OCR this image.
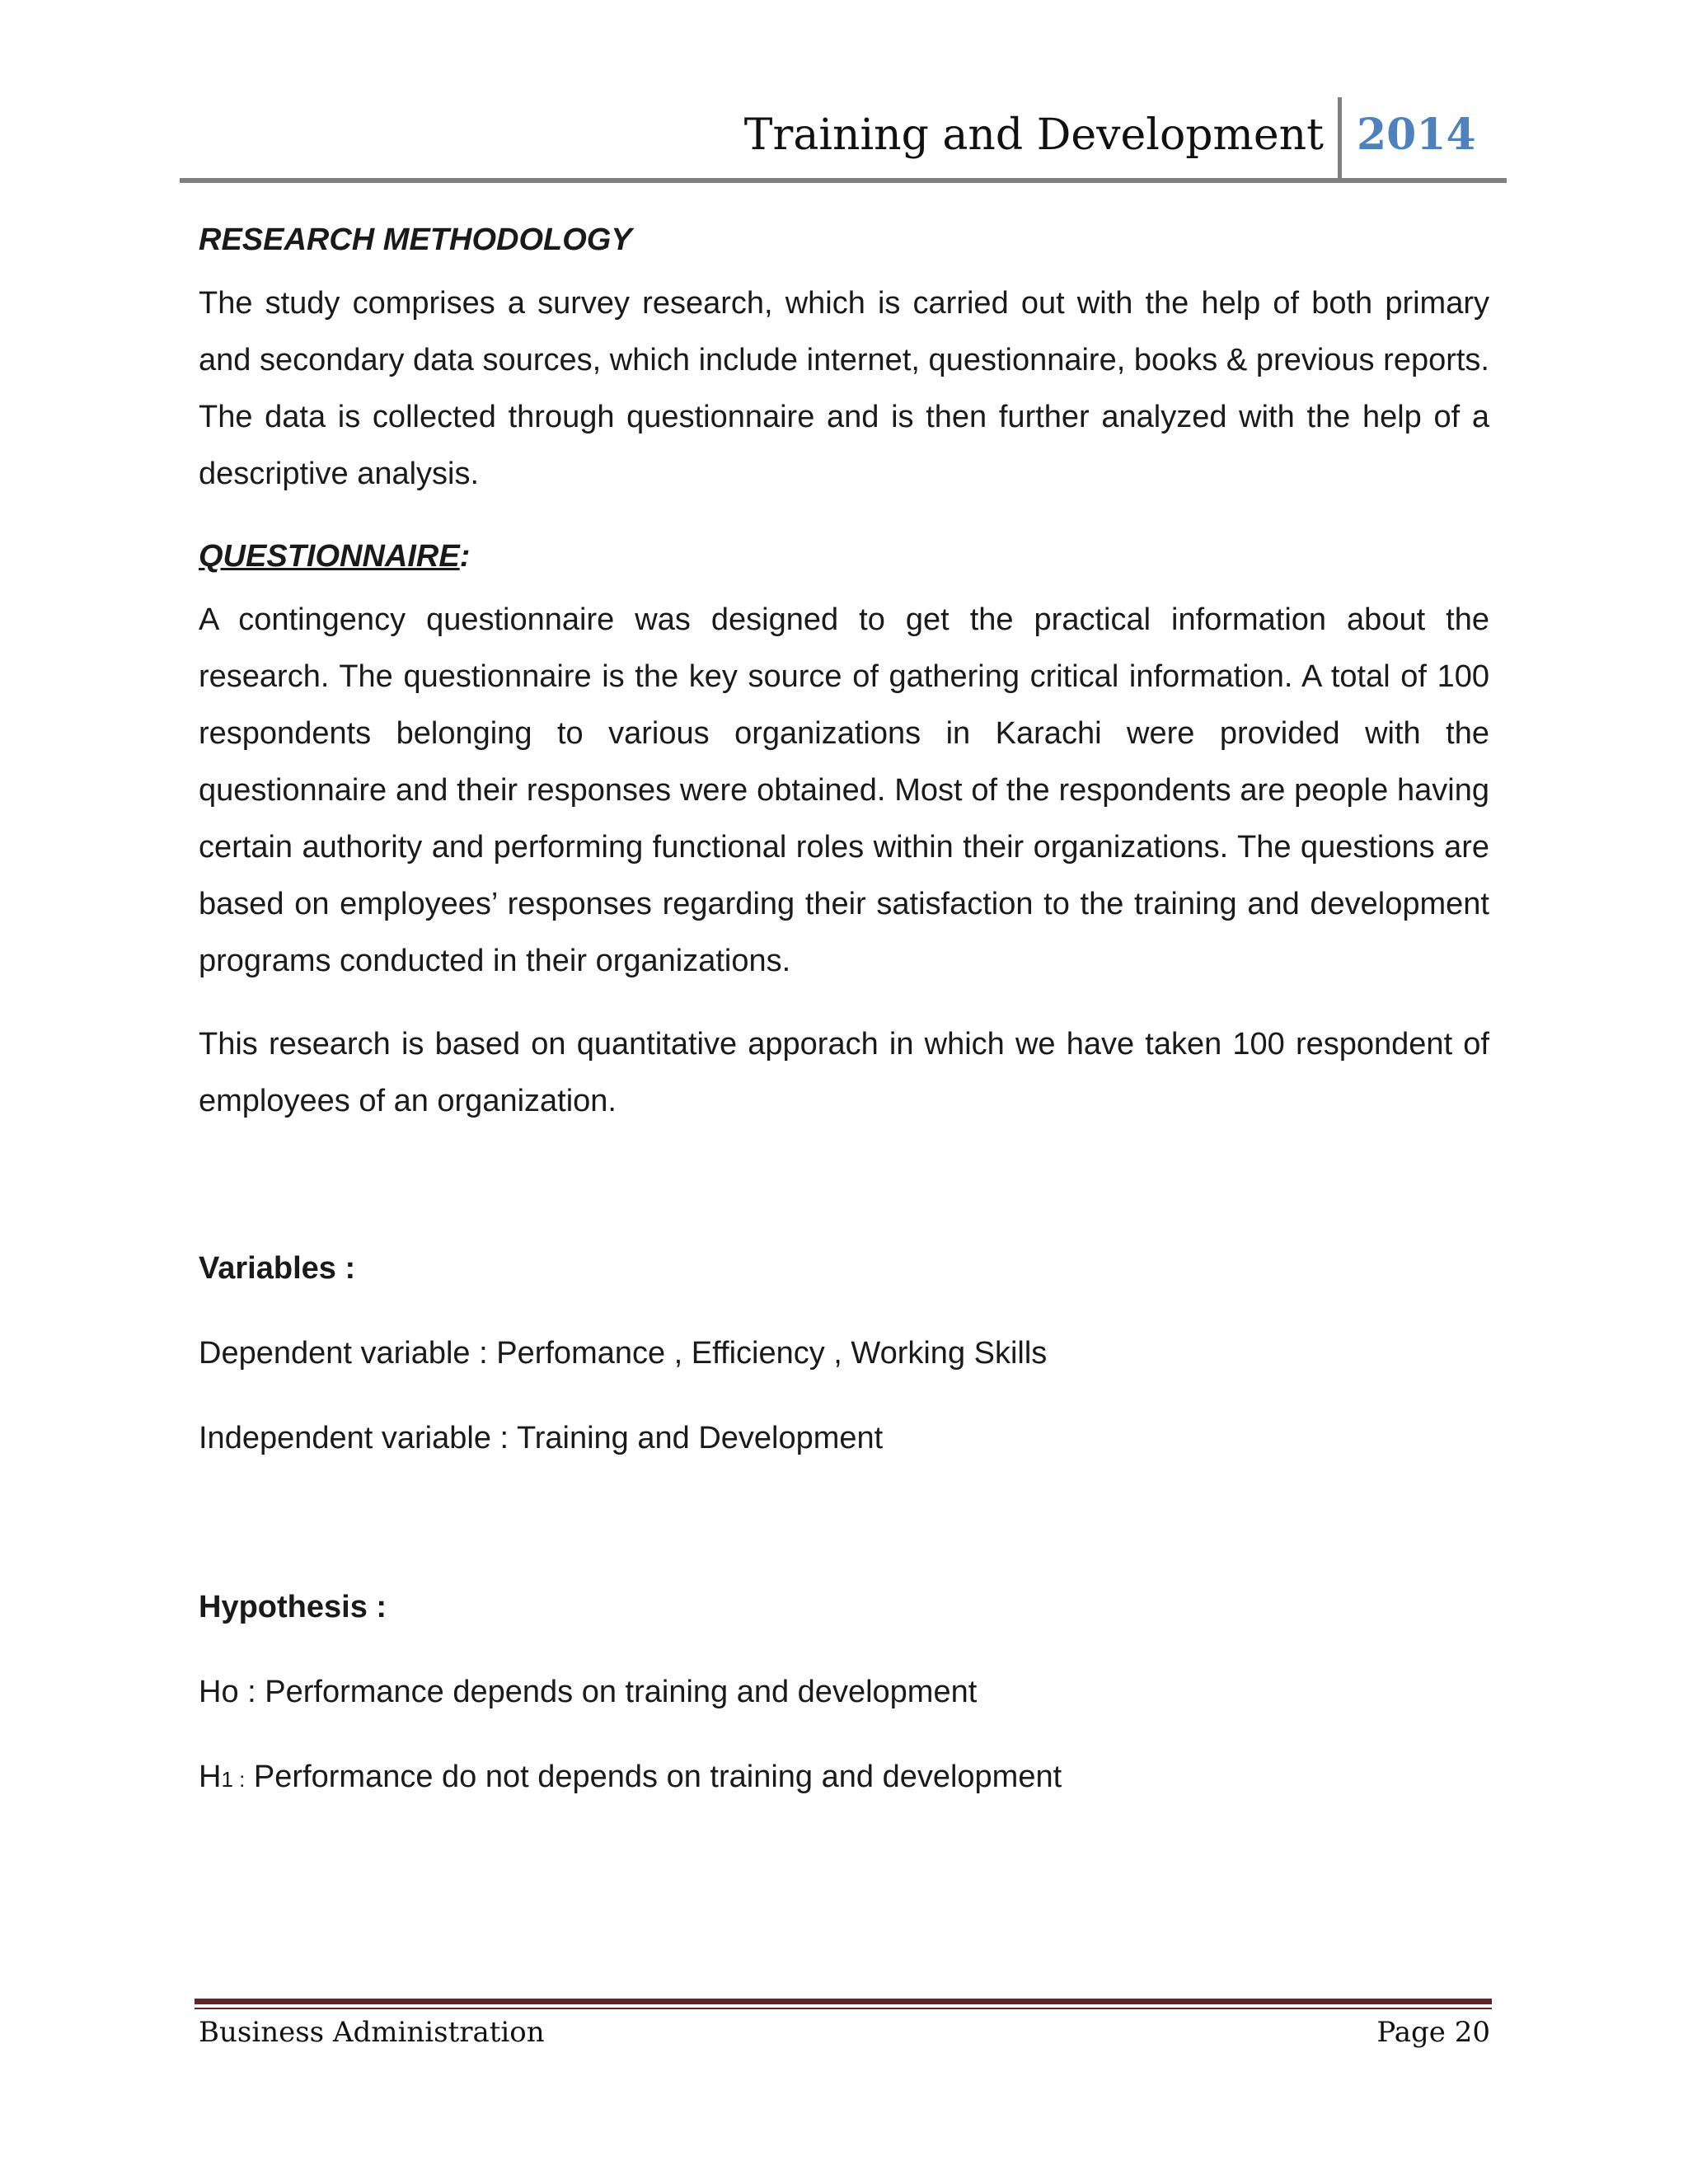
Training and Development 2014
RESEARCH METHODOLOGY

The study comprises a survey research, which is carried out with the help of both primary and secondary data sources, which include internet, questionnaire, books & previous reports. The data is collected through questionnaire and is then further analyzed with the help of a descriptive analysis.

QUESTIONNAIRE:

A contingency questionnaire was designed to get the practical information about the research. The questionnaire is the key source of gathering critical information. A total of 100 respondents belonging to various organizations in Karachi were provided with the questionnaire and their responses were obtained. Most of the respondents are people having certain authority and performing functional roles within their organizations. The questions are based on employees’ responses regarding their satisfaction to the training and development programs conducted in their organizations.

This research is based on quantitative apporach in which we have taken 100 respondent of employees of an organization.

Variables :
Dependent variable : Perfomance , Efficiency , Working Skills
Independent variable : Training and Development
Hypothesis :
Ho : Performance depends on training and development
H1 : Performance do not depends on training and development
Business Administration	Page 20
